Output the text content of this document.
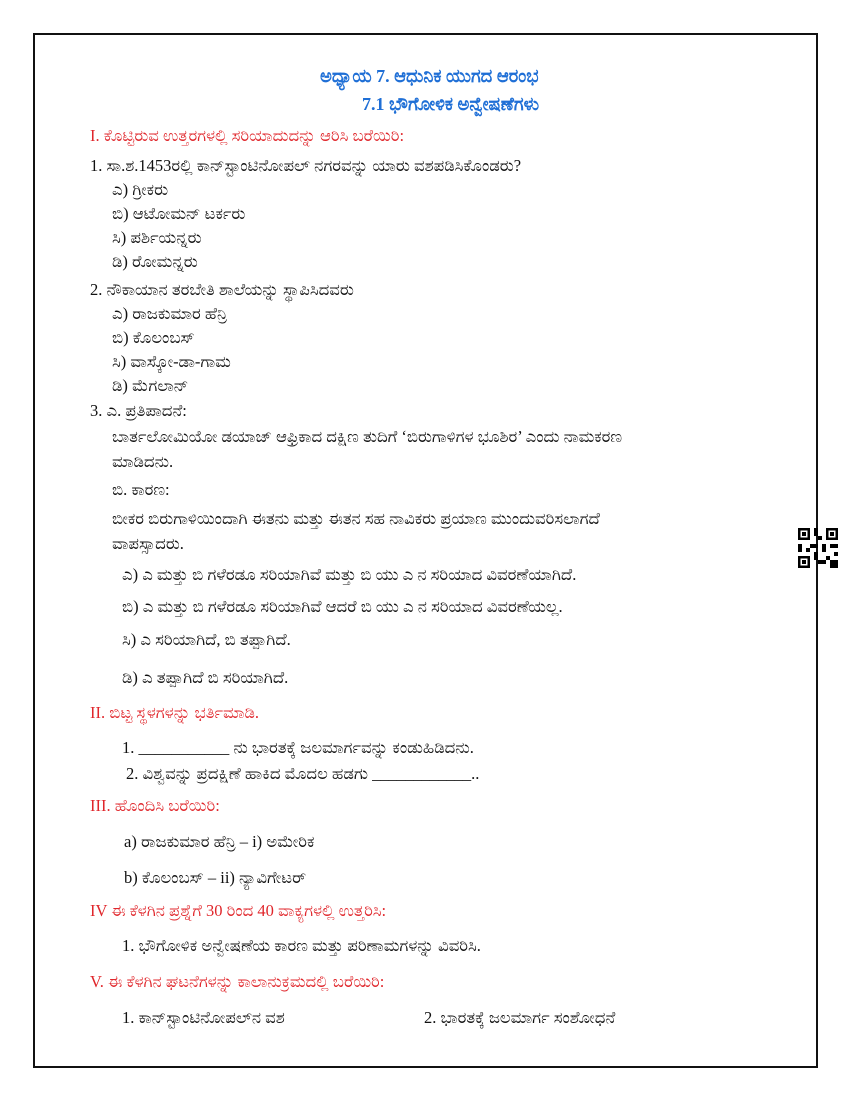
ಅಧ್ಯಾಯ 7. ಆಧುನಿಕ ಯುಗದ ಆರಂಭ
7.1 ಭೌಗೋಳಿಕ ಅನ್ವೇಷಣೆಗಳು
I. ಕೊಟ್ಟಿರುವ ಉತ್ತರಗಳಲ್ಲಿ ಸರಿಯಾದುದನ್ನು ಆರಿಸಿ ಬರೆಯಿರಿ:
1. ಸಾ.ಶ.1453ರಲ್ಲಿ ಕಾನ್‌ಸ್ಟಾಂಟಿನೋಪಲ್ ನಗರವನ್ನು ಯಾರು ವಶಪಡಿಸಿಕೊಂಡರು?
ಎ) ಗ್ರೀಕರು
ಬಿ) ಆಟೋಮನ್ ಟರ್ಕರು
ಸಿ) ಪರ್ಶಿಯನ್ನರು
ಡಿ) ರೋಮನ್ನರು
2. ನೌಕಾಯಾನ ತರಬೇತಿ ಶಾಲೆಯನ್ನು ಸ್ಥಾಪಿಸಿದವರು
ಎ) ರಾಜಕುಮಾರ ಹೆನ್ರಿ
ಬಿ) ಕೊಲಂಬಸ್
ಸಿ) ವಾಸ್ಕೋ-ಡಾ-ಗಾಮ
ಡಿ) ಮೆಗಲಾನ್
3. ಎ. ಪ್ರತಿಪಾದನೆ:
ಬಾರ್ತಲೋಮಿಯೋ ಡಯಾಜ್ ಆಫ್ರಿಕಾದ ದಕ್ಷಿಣ ತುದಿಗೆ ‘ಬಿರುಗಾಳಿಗಳ ಭೂಶಿರ’ ಎಂದು ನಾಮಕರಣ
ಮಾಡಿದನು.
ಬಿ. ಕಾರಣ:
ಬೀಕರ ಬಿರುಗಾಳಿಯಿಂದಾಗಿ ಈತನು ಮತ್ತು ಈತನ ಸಹ ನಾವಿಕರು ಪ್ರಯಾಣ ಮುಂದುವರಿಸಲಾಗದೆ
ವಾಪಸ್ಸಾದರು.
ಎ) ಎ ಮತ್ತು ಬಿ ಗಳೆರಡೂ ಸರಿಯಾಗಿವೆ ಮತ್ತು ಬಿ ಯು ಎ ನ ಸರಿಯಾದ ವಿವರಣೆಯಾಗಿದೆ.
ಬಿ) ಎ ಮತ್ತು ಬಿ ಗಳೆರಡೂ ಸರಿಯಾಗಿವೆ ಆದರೆ ಬಿ ಯು ಎ ನ ಸರಿಯಾದ ವಿವರಣೆಯಲ್ಲ.
ಸಿ) ಎ ಸರಿಯಾಗಿದೆ, ಬಿ ತಪ್ಪಾಗಿದೆ.
ಡಿ) ಎ ತಪ್ಪಾಗಿದೆ ಬಿ ಸರಿಯಾಗಿದೆ.
II. ಬಿಟ್ಟ ಸ್ಥಳಗಳನ್ನು ಭರ್ತಿಮಾಡಿ.
1. ___________ ನು ಭಾರತಕ್ಕೆ ಜಲಮಾರ್ಗವನ್ನು ಕಂಡುಹಿಡಿದನು.
2. ವಿಶ್ವವನ್ನು ಪ್ರದಕ್ಷಿಣೆ ಹಾಕಿದ ಮೊದಲ ಹಡಗು ____________..
III. ಹೊಂದಿಸಿ ಬರೆಯಿರಿ:
a) ರಾಜಕುಮಾರ ಹೆನ್ರಿ – i) ಅಮೇರಿಕ
b) ಕೊಲಂಬಸ್ – ii) ನ್ಯಾವಿಗೇಟರ್
IV ಈ ಕೆಳಗಿನ ಪ್ರಶ್ನೆಗೆ 30 ರಿಂದ 40 ವಾಕ್ಯಗಳಲ್ಲಿ ಉತ್ತರಿಸಿ:
1. ಭೌಗೋಳಿಕ ಅನ್ವೇಷಣೆಯ ಕಾರಣ ಮತ್ತು ಪರಿಣಾಮಗಳನ್ನು ವಿವರಿಸಿ.
V. ಈ ಕೆಳಗಿನ ಘಟನೆಗಳನ್ನು ಕಾಲಾನುಕ್ರಮದಲ್ಲಿ ಬರೆಯಿರಿ:
1. ಕಾನ್‌ಸ್ಟಾಂಟಿನೋಪಲ್‌ನ ವಶ	2. ಭಾರತಕ್ಕೆ ಜಲಮಾರ್ಗ ಸಂಶೋಧನೆ
